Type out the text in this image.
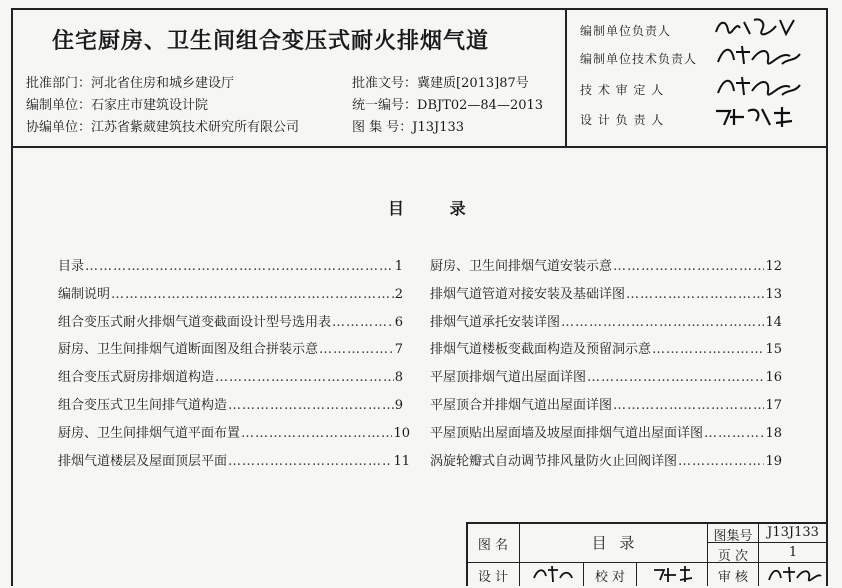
住宅厨房、卫生间组合变压式耐火排烟气道
批准部门：河北省住房和城乡建设厅
编制单位：石家庄市建筑设计院
协编单位：江苏省紫葳建筑技术研究所有限公司
批准文号：冀建质[2013]87号
统一编号：DBJT02—84—2013
图 集 号：J13J133
编制单位负责人
编制单位技术负责人
技 术 审 定 人
设 计 负 责 人
目 录
目录 ………………………………………………………………………………………………………………	1
编制说明 ………………………………………………………………………………………………………………	2
组合变压式耐火排烟气道变截面设计型号选用表 ………………………………………………………………………………………………………………	6
厨房、卫生间排烟气道断面图及组合拼装示意 ………………………………………………………………………………………………………………	7
组合变压式厨房排烟道构造 ………………………………………………………………………………………………………………	8
组合变压式卫生间排气道构造 ………………………………………………………………………………………………………………	9
厨房、卫生间排烟气道平面布置 ………………………………………………………………………………………………………………	10
排烟气道楼层及屋面顶层平面 ………………………………………………………………………………………………………………	11
厨房、卫生间排烟气道安装示意 ………………………………………………………………………………………………………………	12
排烟气道管道对接安装及基础详图 ………………………………………………………………………………………………………………	13
排烟气道承托安装详图 ………………………………………………………………………………………………………………	14
排烟气道楼板变截面构造及预留洞示意 ………………………………………………………………………………………………………………	15
平屋顶排烟气道出屋面详图 ………………………………………………………………………………………………………………	16
平屋顶合并排烟气道出屋面详图 ………………………………………………………………………………………………………………	17
平屋顶贴出屋面墙及坡屋面排烟气道出屋面详图 ………………………………………………………………………………………………………………	18
涡旋轮瓣式自动调节排风量防火止回阀详图 ………………………………………………………………………………………………………………	19
图 名	目 录	图集号	J13J133
页 次	1
设 计	校 对	审 核
